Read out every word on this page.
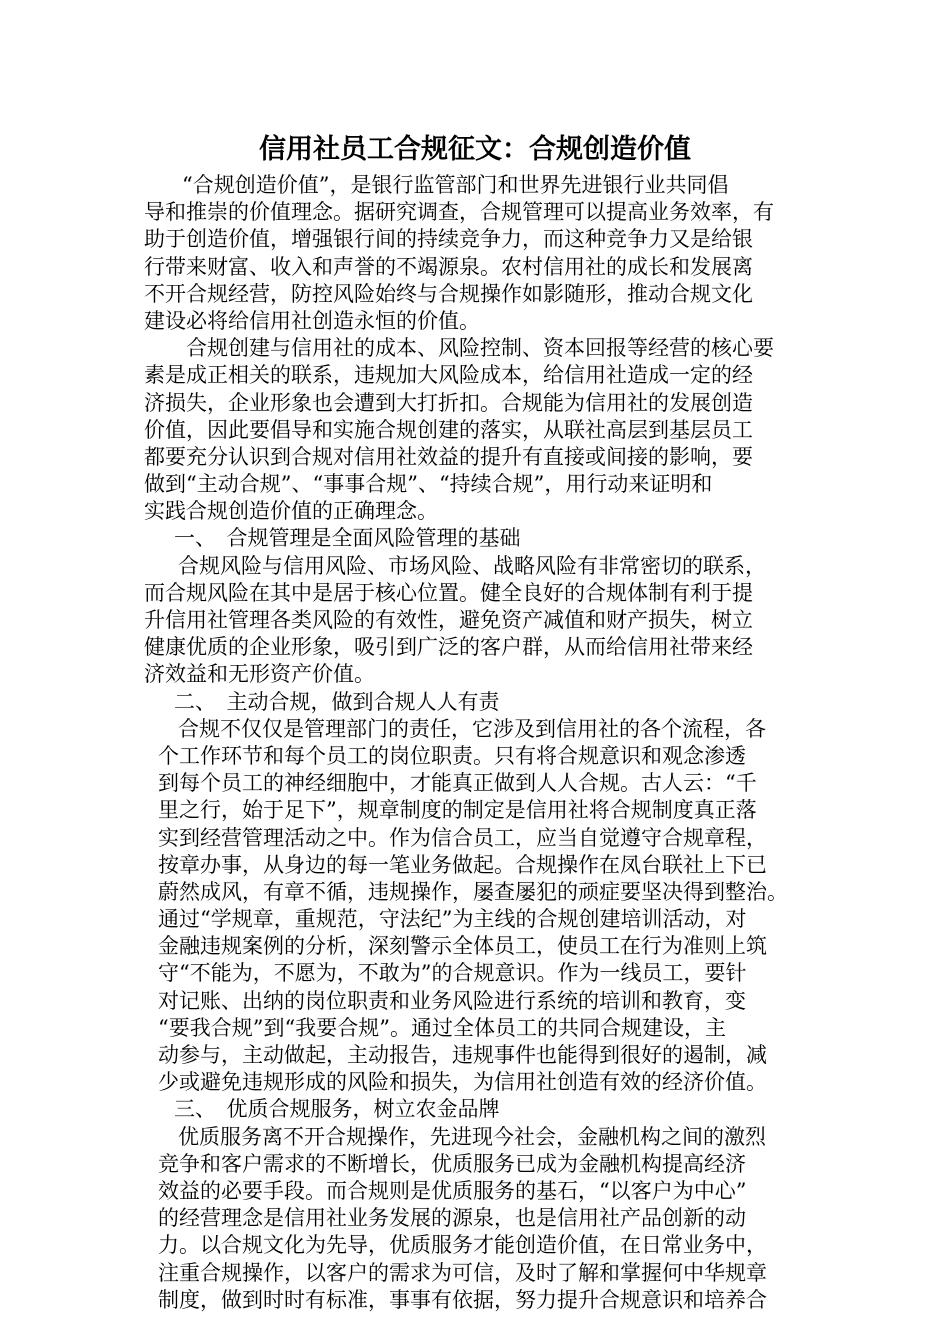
信用社员工合规征文：合规创造价值
“合规创造价值”，是银行监管部门和世界先进银行业共同倡
导和推崇的价值理念。据研究调查，合规管理可以提高业务效率，有
助于创造价值，增强银行间的持续竞争力，而这种竞争力又是给银
行带来财富、收入和声誉的不竭源泉。农村信用社的成长和发展离
不开合规经营，防控风险始终与合规操作如影随形，推动合规文化
建设必将给信用社创造永恒的价值。
合规创建与信用社的成本、风险控制、资本回报等经营的核心要
素是成正相关的联系，违规加大风险成本，给信用社造成一定的经
济损失，企业形象也会遭到大打折扣。合规能为信用社的发展创造
价值，因此要倡导和实施合规创建的落实，从联社高层到基层员工
都要充分认识到合规对信用社效益的提升有直接或间接的影响，要
做到“主动合规”、“事事合规”、“持续合规”，用行动来证明和
实践合规创造价值的正确理念。
一、　合规管理是全面风险管理的基础
合规风险与信用风险、市场风险、战略风险有非常密切的联系，
而合规风险在其中是居于核心位置。健全良好的合规体制有利于提
升信用社管理各类风险的有效性，避免资产减值和财产损失，树立
健康优质的企业形象，吸引到广泛的客户群，从而给信用社带来经
济效益和无形资产价值。
二、　主动合规，做到合规人人有责
合规不仅仅是管理部门的责任，它涉及到信用社的各个流程，各
个工作环节和每个员工的岗位职责。只有将合规意识和观念渗透
到每个员工的神经细胞中，才能真正做到人人合规。古人云：“千
里之行，始于足下”，规章制度的制定是信用社将合规制度真正落
实到经营管理活动之中。作为信合员工，应当自觉遵守合规章程，
按章办事，从身边的每一笔业务做起。合规操作在凤台联社上下已
蔚然成风，有章不循，违规操作，屡查屡犯的顽症要坚决得到整治。
通过“学规章，重规范，守法纪”为主线的合规创建培训活动，对
金融违规案例的分析，深刻警示全体员工，使员工在行为准则上筑
守“不能为，不愿为，不敢为”的合规意识。作为一线员工，要针
对记账、出纳的岗位职责和业务风险进行系统的培训和教育，变
“要我合规”到“我要合规”。通过全体员工的共同合规建设，主
动参与，主动做起，主动报告，违规事件也能得到很好的遏制，减
少或避免违规形成的风险和损失，为信用社创造有效的经济价值。
三、　优质合规服务，树立农金品牌
优质服务离不开合规操作，先进现今社会，金融机构之间的激烈
竞争和客户需求的不断增长，优质服务已成为金融机构提高经济
效益的必要手段。而合规则是优质服务的基石，“以客户为中心”
的经营理念是信用社业务发展的源泉，也是信用社产品创新的动
力。以合规文化为先导，优质服务才能创造价值，在日常业务中，
注重合规操作，以客户的需求为可信，及时了解和掌握何中华规章
制度，做到时时有标准，事事有依据，努力提升合规意识和培养合
